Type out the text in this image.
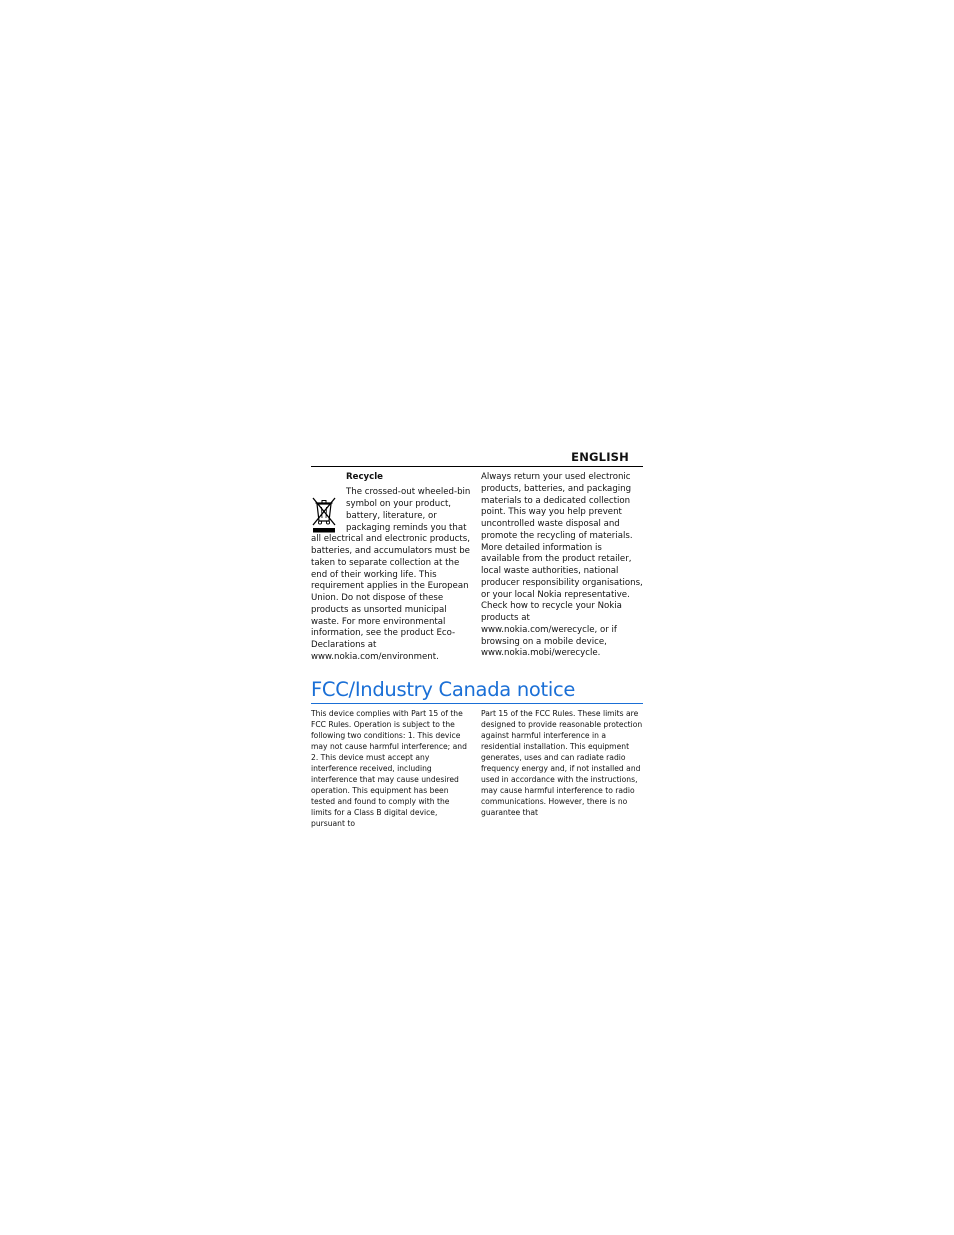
ENGLISH
Recycle

The crossed-out wheeled-bin symbol on your product, battery, literature, or packaging reminds you that all electrical and electronic products, batteries, and accumulators must be taken to separate collection at the end of their working life. This requirement applies in the European Union. Do not dispose of these products as unsorted municipal waste. For more environmental information, see the product Eco-Declarations at www.nokia.com/environment.

Always return your used electronic products, batteries, and packaging materials to a dedicated collection point. This way you help prevent uncontrolled waste disposal and promote the recycling of materials. More detailed information is available from the product retailer, local waste authorities, national producer responsibility organisations, or your local Nokia representative. Check how to recycle your Nokia products at www.nokia.com/werecycle, or if browsing on a mobile device, www.nokia.mobi/werecycle.

FCC/Industry Canada notice

This device complies with Part 15 of the FCC Rules. Operation is subject to the following two conditions: 1. This device may not cause harmful interference; and 2. This device must accept any interference received, including interference that may cause undesired operation. This equipment has been tested and found to comply with the limits for a Class B digital device, pursuant to

Part 15 of the FCC Rules. These limits are designed to provide reasonable protection against harmful interference in a residential installation. This equipment generates, uses and can radiate radio frequency energy and, if not installed and used in accordance with the instructions, may cause harmful interference to radio communications. However, there is no guarantee that
